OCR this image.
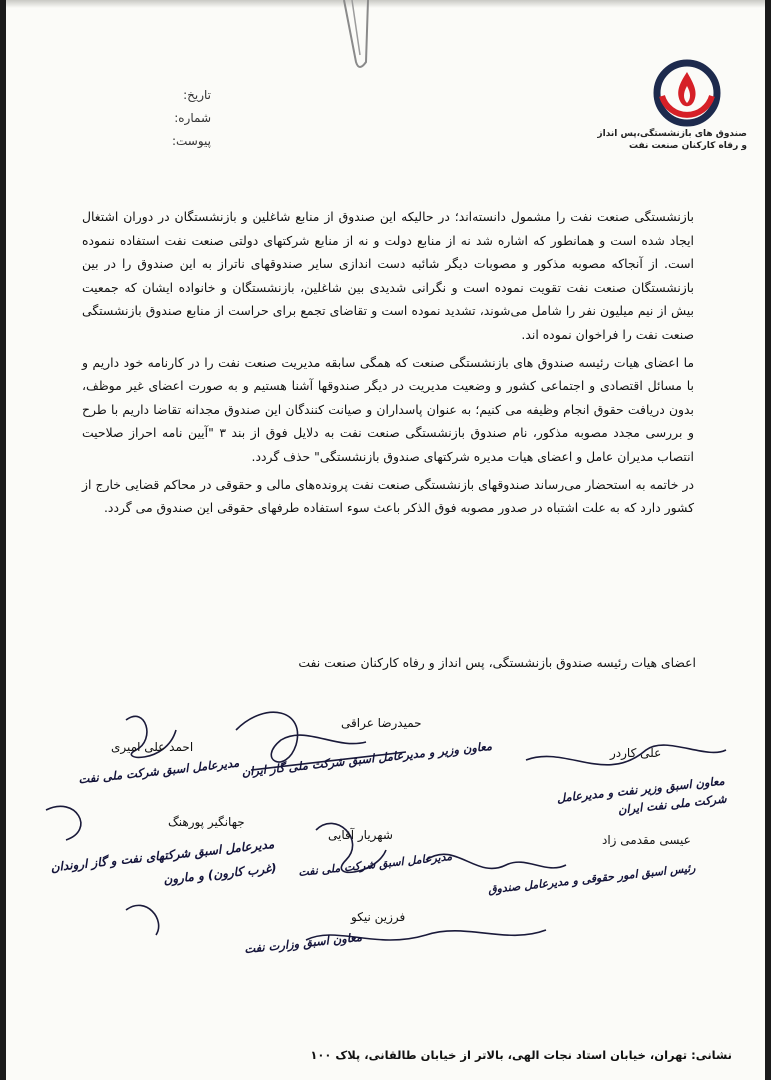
صندوق های بازنشستگی،پس انداز
و رفاه کارکنان صنعت نفت
تاریخ:
شماره:
پیوست:

بازنشستگی صنعت نفت را مشمول دانسته‌اند؛ در حالیکه این صندوق از منابع شاغلین و بازنشستگان در دوران اشتغال ایجاد شده است و همانطور که اشاره شد نه از منابع دولت و نه از منابع شرکتهای دولتی صنعت نفت استفاده ننموده است. از آنجاکه مصوبه مذکور و مصوبات دیگر شائبه دست اندازی سایر صندوقهای ناتراز به این صندوق را در بین بازنشستگان صنعت نفت تقویت نموده است و نگرانی شدیدی بین شاغلین، بازنشستگان و خانواده ایشان که جمعیت بیش از نیم میلیون نفر را شامل می‌شوند، تشدید نموده است و تقاضای تجمع برای حراست از منابع صندوق بازنشستگی صنعت نفت را فراخوان نموده اند.

ما اعضای هیات رئیسه صندوق های بازنشستگی صنعت که همگی سابقه مدیریت صنعت نفت را در کارنامه خود داریم و با مسائل اقتصادی و اجتماعی کشور و وضعیت مدیریت در دیگر صندوقها آشنا هستیم و به صورت اعضای غیر موظف، بدون دریافت حقوق انجام وظیفه می کنیم؛ به عنوان پاسداران و صیانت کنندگان این صندوق مجدانه تقاضا داریم با طرح و بررسی مجدد مصوبه مذکور، نام صندوق بازنشستگی صنعت نفت به دلایل فوق از بند ۳ "آیین نامه احراز صلاحیت انتصاب مدیران عامل و اعضای هیات مدیره شرکتهای صندوق بازنشستگی" حذف گردد.

در خاتمه به استحضار می‌رساند صندوقهای بازنشستگی صنعت نفت پرونده‌های مالی و حقوقی در محاکم قضایی خارج از کشور دارد که به علت اشتباه در صدور مصوبه فوق الذکر باعث سوء استفاده طرفهای حقوقی این صندوق می گردد.

اعضای هیات رئیسه صندوق بازنشستگی، پس انداز و رفاه کارکنان صنعت نفت
حمیدرضا عراقی
معاون وزیر و مدیرعامل اسبق شرکت ملی گاز ایران
احمد علی امیری
مدیرعامل اسبق شرکت ملی نفت
علی کاردر
معاون اسبق وزیر نفت و مدیرعامل شرکت ملی نفت ایران
جهانگیر پورهنگ
مدیرعامل اسبق شرکتهای نفت و گاز اروندان (غرب کارون) و مارون
شهریار آقایی
مدیرعامل اسبق شرکت ملی نفت
عیسی مقدمی زاد
رئیس اسبق امور حقوقی و مدیرعامل صندوق
فرزین نیکو
معاون اسبق وزارت نفت
نشانی: تهران، خیابان استاد نجات الهی، بالاتر از خیابان طالقانی، پلاک ۱۰۰
